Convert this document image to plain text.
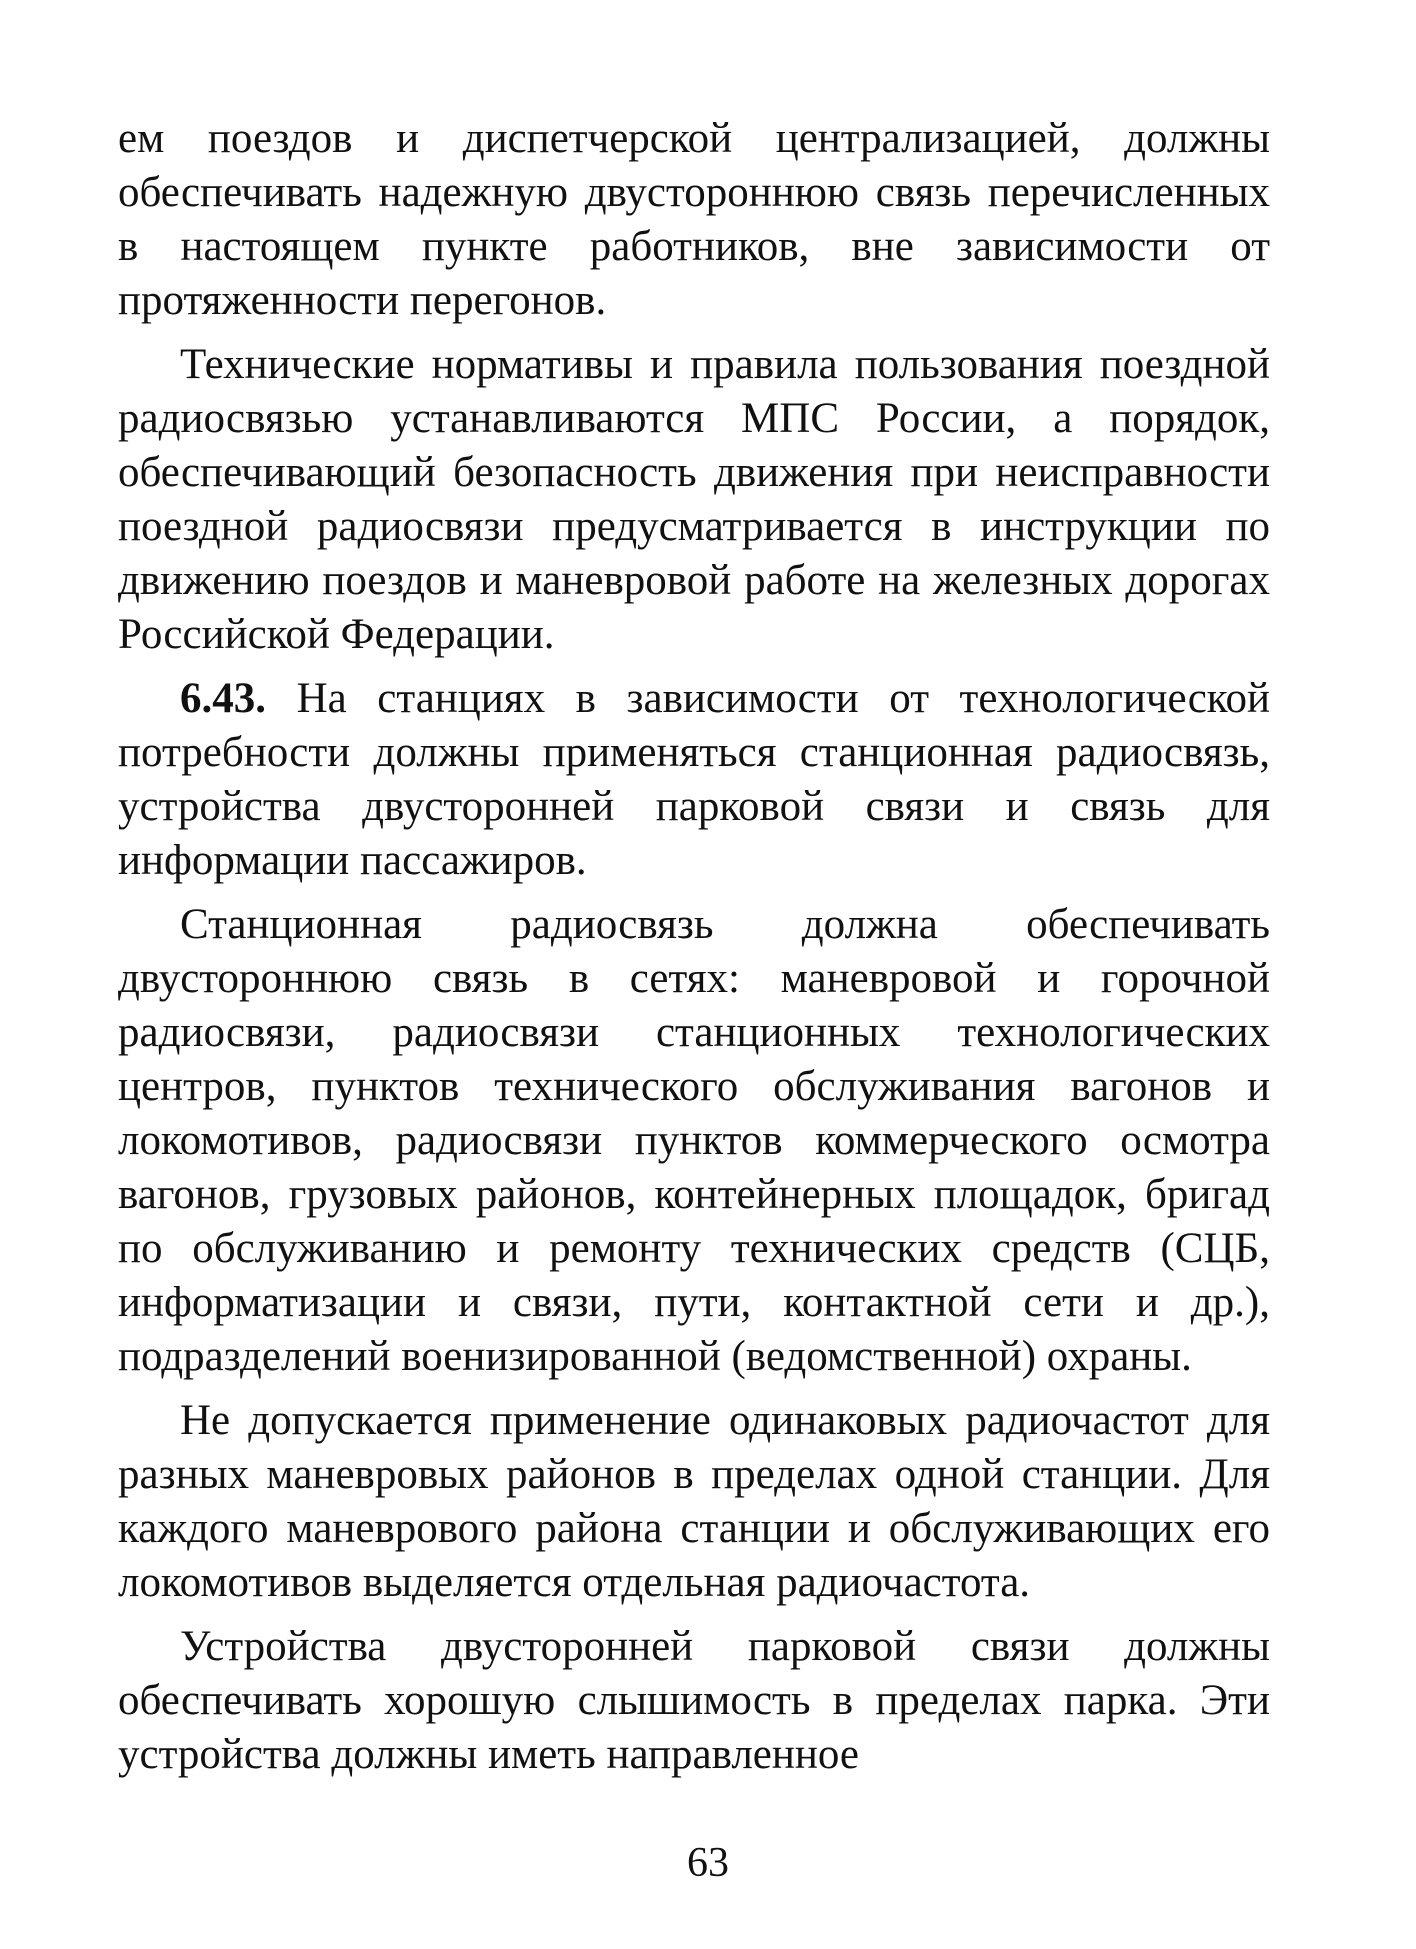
ем поездов и диспетчерской централизацией, должны обеспечивать надежную двустороннюю связь перечисленных в настоящем пункте работников, вне зависимости от протяженности перегонов.

Технические нормативы и правила пользования поездной радиосвязью устанавливаются МПС России, а порядок, обеспечивающий безопасность движения при неисправности поездной радиосвязи предусматривается в инструкции по движению поездов и маневровой работе на железных дорогах Российской Федерации.

6.43. На станциях в зависимости от технологической потребности должны применяться станционная радиосвязь, устройства двусторонней парковой связи и связь для информации пассажиров.

Станционная радиосвязь должна обеспечивать двустороннюю связь в сетях: маневровой и горочной радиосвязи, радиосвязи станционных технологических центров, пунктов технического обслуживания вагонов и локомотивов, радиосвязи пунктов коммерческого осмотра вагонов, грузовых районов, контейнерных площадок, бригад по обслуживанию и ремонту технических средств (СЦБ, информатизации и связи, пути, контактной сети и др.), подразделений военизированной (ведомственной) охраны.

Не допускается применение одинаковых радиочастот для разных маневровых районов в пределах одной станции. Для каждого маневрового района станции и обслуживающих его локомотивов выделяется отдельная радиочастота.

Устройства двусторонней парковой связи должны обеспечивать хорошую слышимость в пределах парка. Эти устройства должны иметь направленное

63
